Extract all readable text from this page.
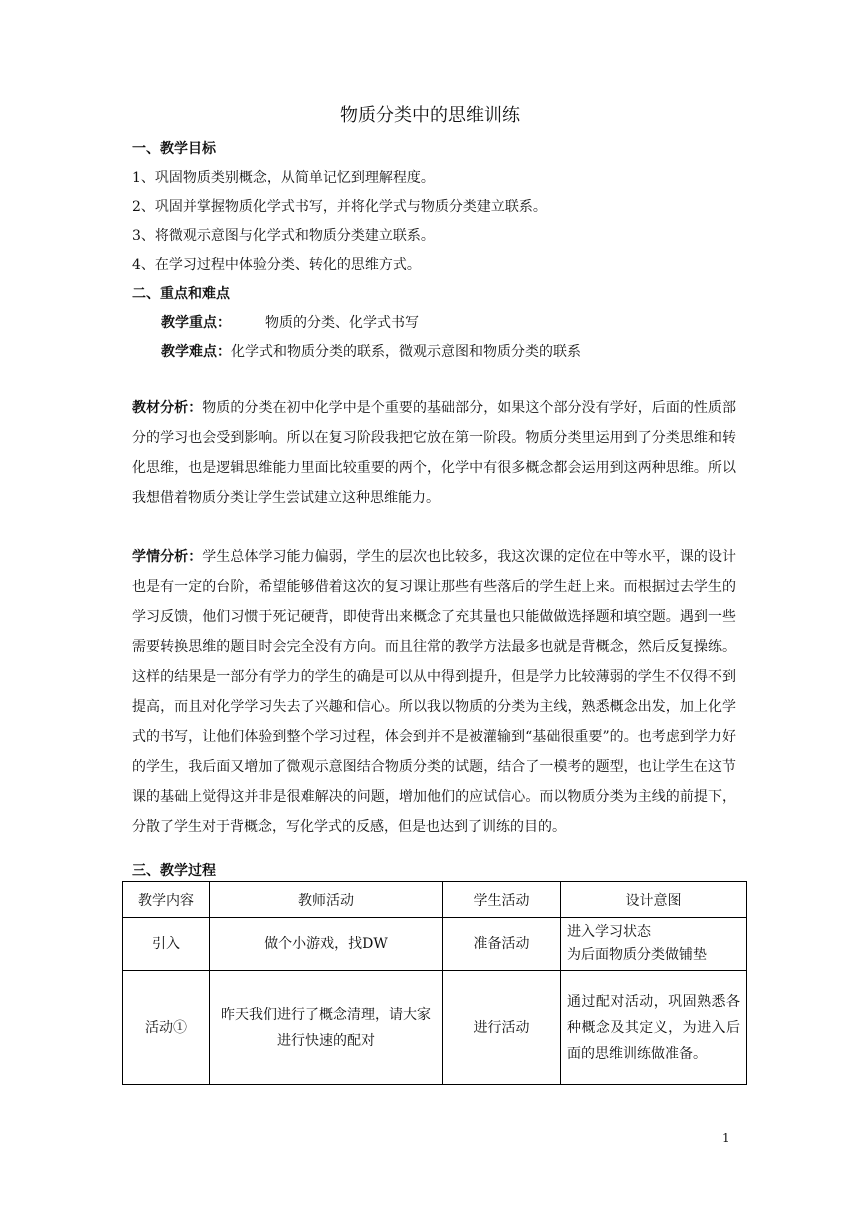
物质分类中的思维训练
一、教学目标
1、巩固物质类别概念，从简单记忆到理解程度。
2、巩固并掌握物质化学式书写，并将化学式与物质分类建立联系。
3、将微观示意图与化学式和物质分类建立联系。
4、在学习过程中体验分类、转化的思维方式。
二、重点和难点
教学重点： 物质的分类、化学式书写
教学难点：化学式和物质分类的联系，微观示意图和物质分类的联系
教材分析：物质的分类在初中化学中是个重要的基础部分，如果这个部分没有学好，后面的性质部分的学习也会受到影响。所以在复习阶段我把它放在第一阶段。物质分类里运用到了分类思维和转化思维，也是逻辑思维能力里面比较重要的两个，化学中有很多概念都会运用到这两种思维。所以我想借着物质分类让学生尝试建立这种思维能力。
学情分析：学生总体学习能力偏弱，学生的层次也比较多，我这次课的定位在中等水平，课的设计也是有一定的台阶，希望能够借着这次的复习课让那些有些落后的学生赶上来。而根据过去学生的学习反馈，他们习惯于死记硬背，即使背出来概念了充其量也只能做做选择题和填空题。遇到一些需要转换思维的题目时会完全没有方向。而且往常的教学方法最多也就是背概念，然后反复操练。这样的结果是一部分有学力的学生的确是可以从中得到提升，但是学力比较薄弱的学生不仅得不到提高，而且对化学学习失去了兴趣和信心。所以我以物质的分类为主线，熟悉概念出发，加上化学式的书写，让他们体验到整个学习过程，体会到并不是被灌输到“基础很重要”的。也考虑到学力好的学生，我后面又增加了微观示意图结合物质分类的试题，结合了一模考的题型，也让学生在这节课的基础上觉得这并非是很难解决的问题，增加他们的应试信心。而以物质分类为主线的前提下，分散了学生对于背概念，写化学式的反感，但是也达到了训练的目的。
三、教学过程
教学内容	教师活动	学生活动	设计意图
引入	做个小游戏，找DW	准备活动	进入学习状态
为后面物质分类做铺垫

活动①	昨天我们进行了概念清理，请大家进行快速的配对	进行活动	通过配对活动，巩固熟悉各种概念及其定义，为进入后面的思维训练做准备。
1
